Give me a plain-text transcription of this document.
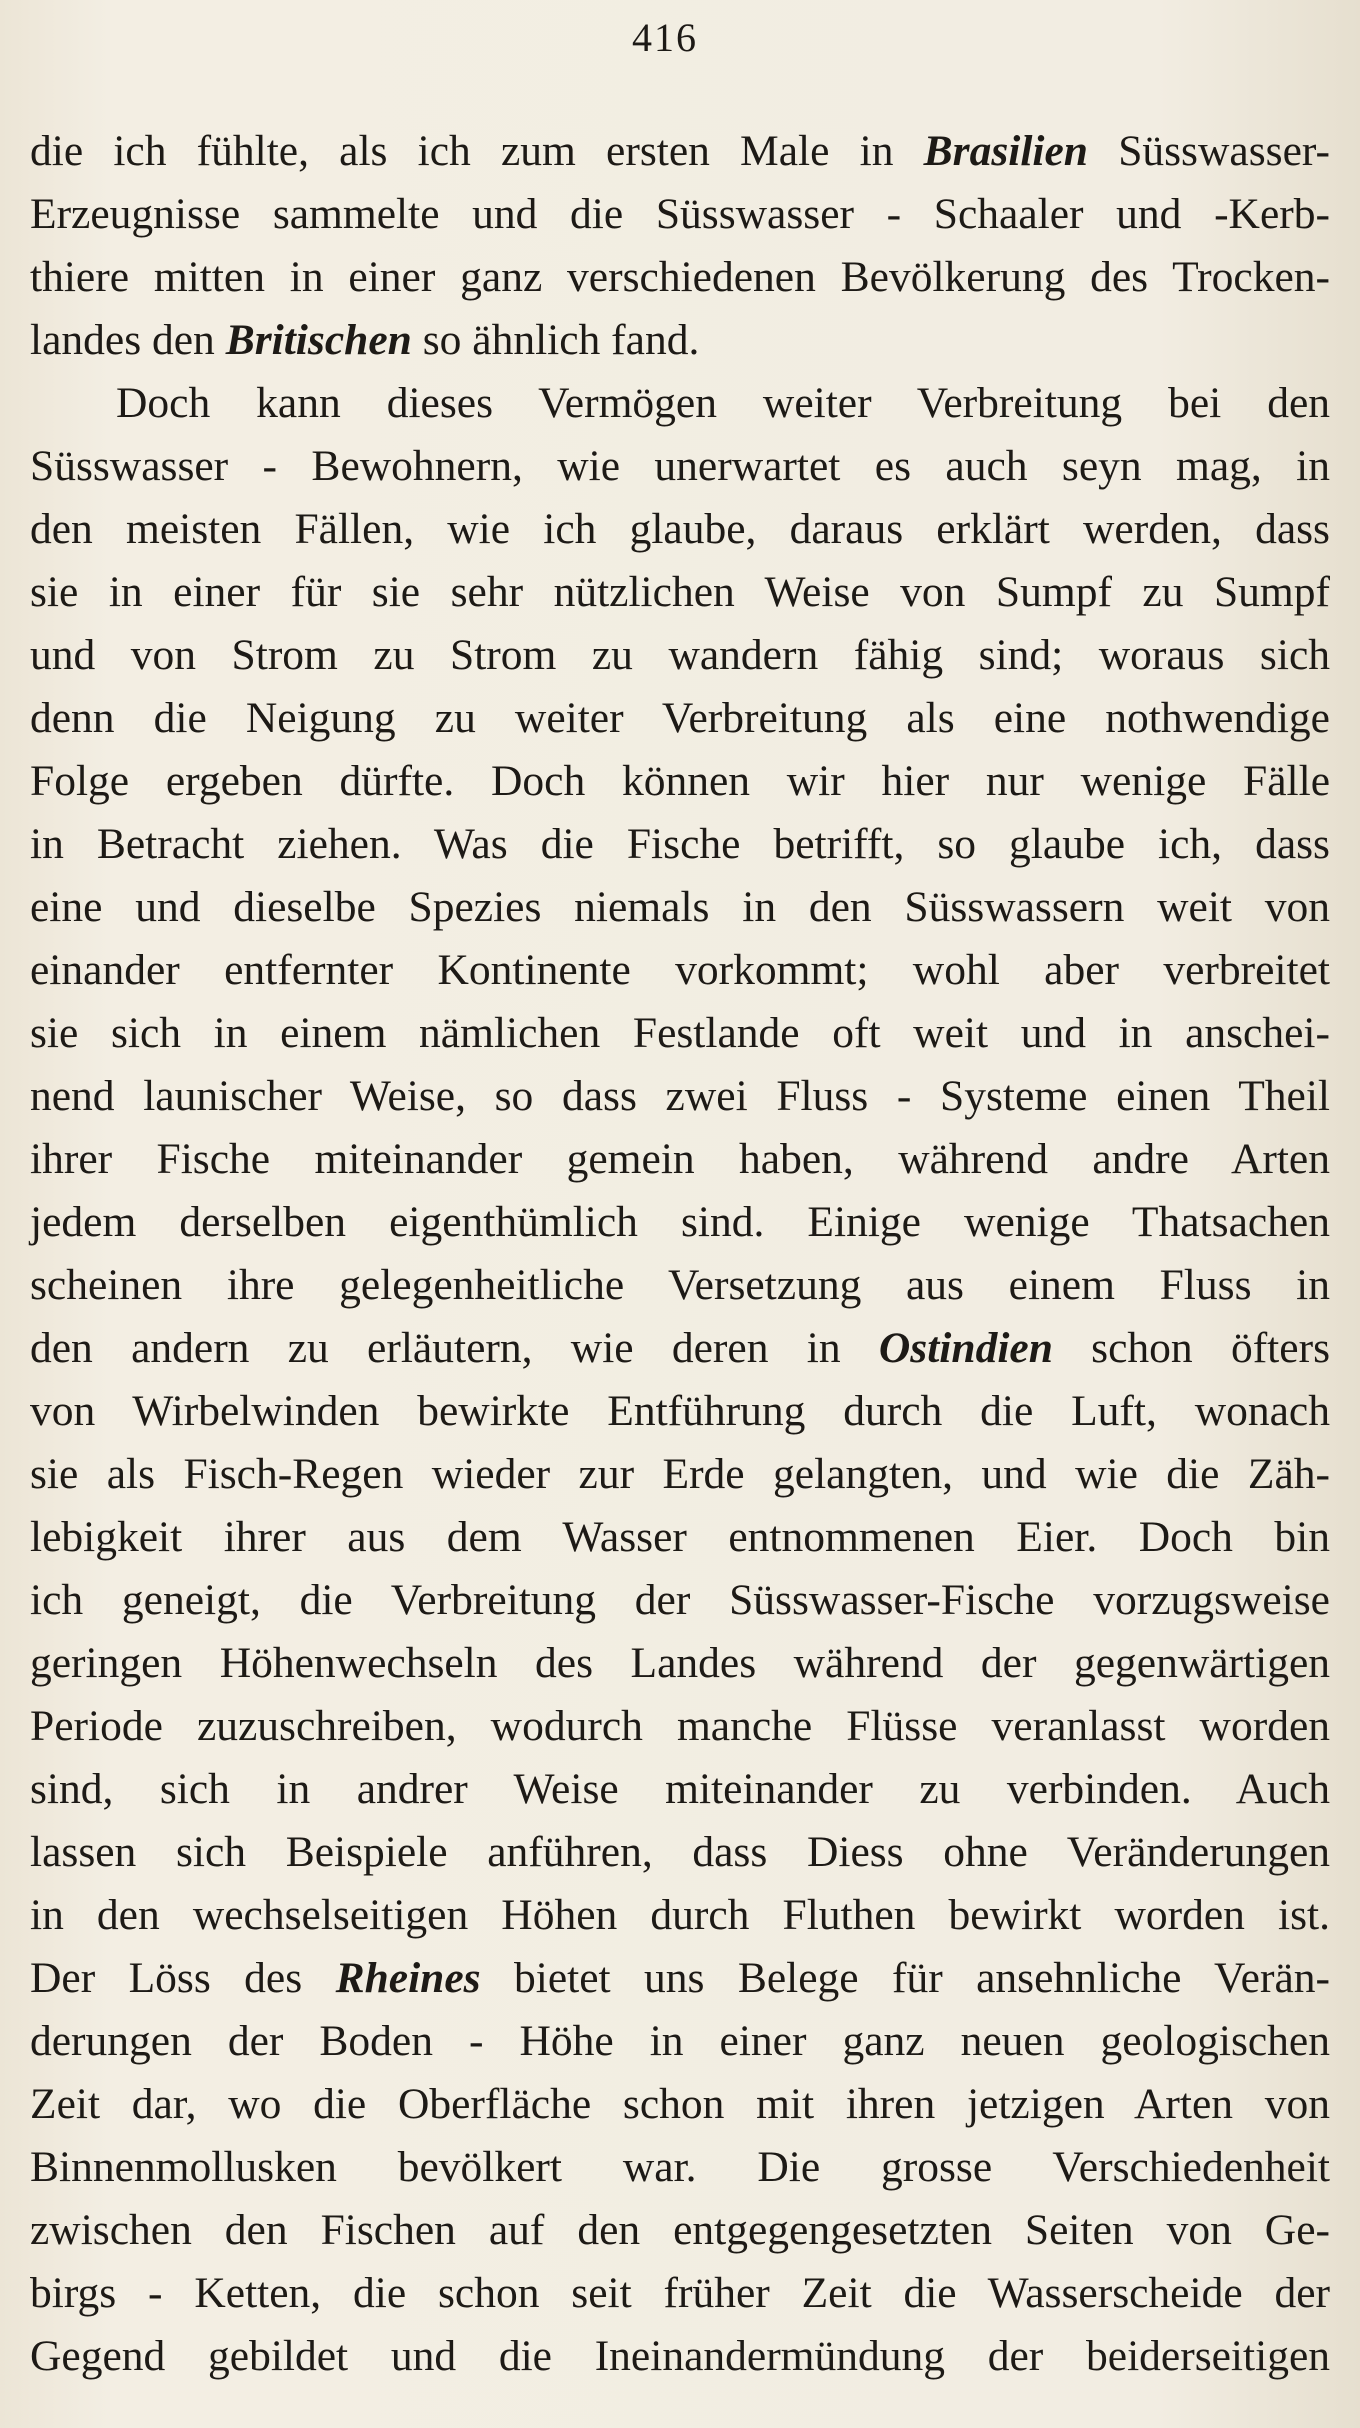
416
die ich fühlte, als ich zum ersten Male in Brasilien Süsswasser-
Erzeugnisse sammelte und die Süsswasser - Schaaler und -Kerb-
thiere mitten in einer ganz verschiedenen Bevölkerung des Trocken-
landes den Britischen so ähnlich fand.
Doch kann dieses Vermögen weiter Verbreitung bei den
Süsswasser - Bewohnern, wie unerwartet es auch seyn mag, in
den meisten Fällen, wie ich glaube, daraus erklärt werden, dass
sie in einer für sie sehr nützlichen Weise von Sumpf zu Sumpf
und von Strom zu Strom zu wandern fähig sind; woraus sich
denn die Neigung zu weiter Verbreitung als eine nothwendige
Folge ergeben dürfte. Doch können wir hier nur wenige Fälle
in Betracht ziehen. Was die Fische betrifft, so glaube ich, dass
eine und dieselbe Spezies niemals in den Süsswassern weit von
einander entfernter Kontinente vorkommt; wohl aber verbreitet
sie sich in einem nämlichen Festlande oft weit und in anschei-
nend launischer Weise, so dass zwei Fluss - Systeme einen Theil
ihrer Fische miteinander gemein haben, während andre Arten
jedem derselben eigenthümlich sind. Einige wenige Thatsachen
scheinen ihre gelegenheitliche Versetzung aus einem Fluss in
den andern zu erläutern, wie deren in Ostindien schon öfters
von Wirbelwinden bewirkte Entführung durch die Luft, wonach
sie als Fisch-Regen wieder zur Erde gelangten, und wie die Zäh-
lebigkeit ihrer aus dem Wasser entnommenen Eier. Doch bin
ich geneigt, die Verbreitung der Süsswasser-Fische vorzugsweise
geringen Höhenwechseln des Landes während der gegenwärtigen
Periode zuzuschreiben, wodurch manche Flüsse veranlasst worden
sind, sich in andrer Weise miteinander zu verbinden. Auch
lassen sich Beispiele anführen, dass Diess ohne Veränderungen
in den wechselseitigen Höhen durch Fluthen bewirkt worden ist.
Der Löss des Rheines bietet uns Belege für ansehnliche Verän-
derungen der Boden - Höhe in einer ganz neuen geologischen
Zeit dar, wo die Oberfläche schon mit ihren jetzigen Arten von
Binnenmollusken bevölkert war. Die grosse Verschiedenheit
zwischen den Fischen auf den entgegengesetzten Seiten von Ge-
birgs - Ketten, die schon seit früher Zeit die Wasserscheide der
Gegend gebildet und die Ineinandermündung der beiderseitigen
